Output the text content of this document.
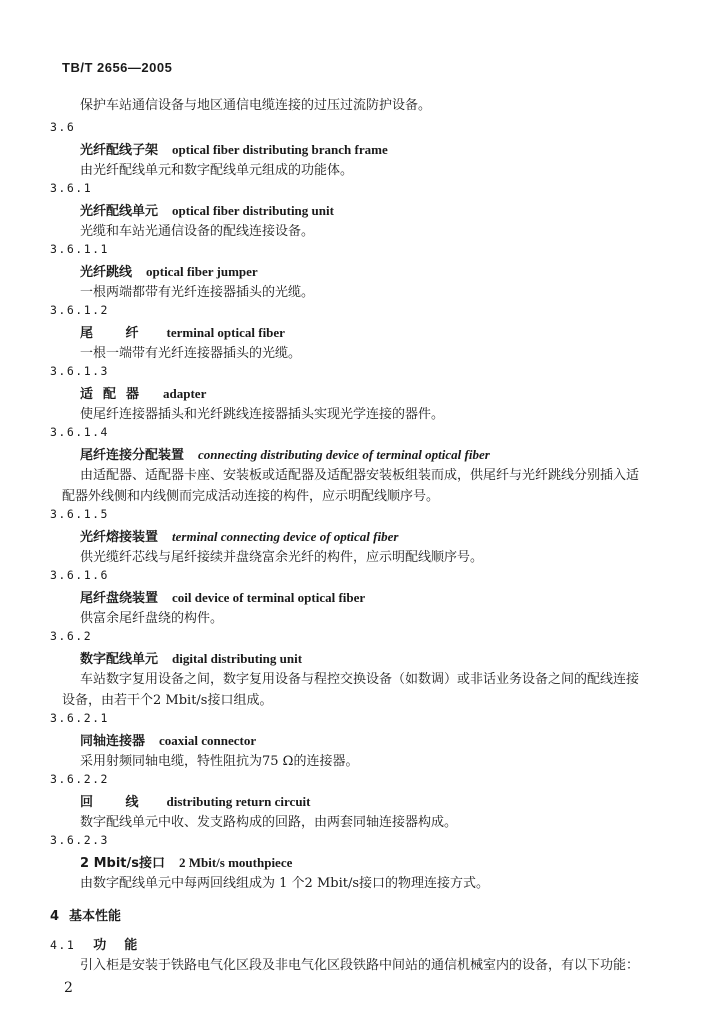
TB/T 2656—2005
保护车站通信设备与地区通信电缆连接的过压过流防护设备。
3.6
光纤配线子架 optical fiber distributing branch frame
由光纤配线单元和数字配线单元组成的功能体。
3.6.1
光纤配线单元 optical fiber distributing unit
光缆和车站光通信设备的配线连接设备。
3.6.1.1
光纤跳线 optical fiber jumper
一根两端都带有光纤连接器插头的光缆。
3.6.1.2
尾 纤 terminal optical fiber
一根一端带有光纤连接器插头的光缆。
3.6.1.3
适配器 adapter
使尾纤连接器插头和光纤跳线连接器插头实现光学连接的器件。
3.6.1.4
尾纤连接分配装置 connecting distributing device of terminal optical fiber
由适配器、适配器卡座、安装板或适配器及适配器安装板组装而成，供尾纤与光纤跳线分别插入适
配器外线侧和内线侧而完成活动连接的构件，应示明配线顺序号。
3.6.1.5
光纤熔接装置 terminal connecting device of optical fiber
供光缆纤芯线与尾纤接续并盘绕富余光纤的构件，应示明配线顺序号。
3.6.1.6
尾纤盘绕装置 coil device of terminal optical fiber
供富余尾纤盘绕的构件。
3.6.2
数字配线单元 digital distributing unit
车站数字复用设备之间，数字复用设备与程控交换设备（如数调）或非话业务设备之间的配线连接
设备，由若干个2 Mbit/s接口组成。
3.6.2.1
同轴连接器 coaxial connector
采用射频同轴电缆，特性阻抗为75 Ω的连接器。
3.6.2.2
回 线 distributing return circuit
数字配线单元中收、发支路构成的回路，由两套同轴连接器构成。
3.6.2.3
2 Mbit/s接口 2 Mbit/s mouthpiece
由数字配线单元中每两回线组成为 1 个2 Mbit/s接口的物理连接方式。
4 基本性能
4.1 功能
引入柜是安装于铁路电气化区段及非电气化区段铁路中间站的通信机械室内的设备，有以下功能：
2
